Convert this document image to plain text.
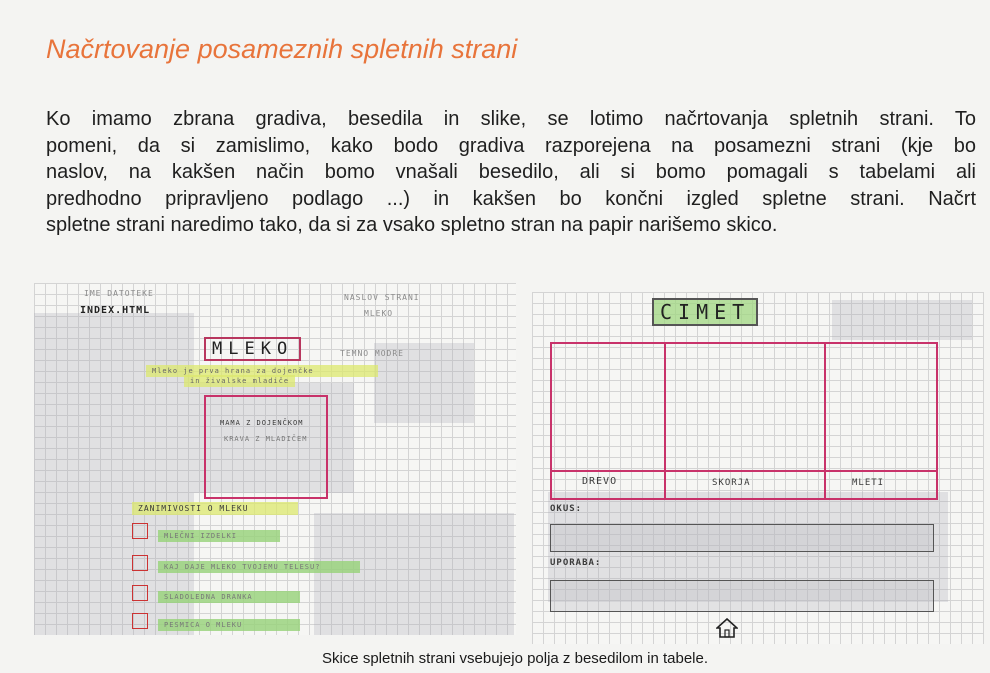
Načrtovanje posameznih spletnih strani
Ko imamo zbrana gradiva, besedila in slike, se lotimo načrtovanja spletnih strani. To
pomeni, da si zamislimo, kako bodo gradiva razporejena na posamezni strani (kje bo
naslov, na kakšen način bomo vnašali besedilo, ali si bomo pomagali s tabelami ali
predhodno pripravljeno podlago ...) in kakšen bo končni izgled spletne strani. Načrt
spletne strani naredimo tako, da si za vsako spletno stran na papir narišemo skico.
IME DATOTEKE
INDEX.HTML
NASLOV STRANI
MLEKO
MLEKO	TEMNO MODRE
Mleko je prva hrana za dojenčke
in živalske mladiče
MAMA Z DOJENČKOM
KRAVA Z MLADIČEM
ZANIMIVOSTI O MLEKU
MLEČNI IZDELKI
KAJ DAJE MLEKO TVOJEMU TELESU?
SLADOLEDNA DRANKA
PESMICA O MLEKU
CIMET
DREVO	SKORJA	MLETI
OKUS:
UPORABA:
Skice spletnih strani vsebujejo polja z besedilom in tabele.
